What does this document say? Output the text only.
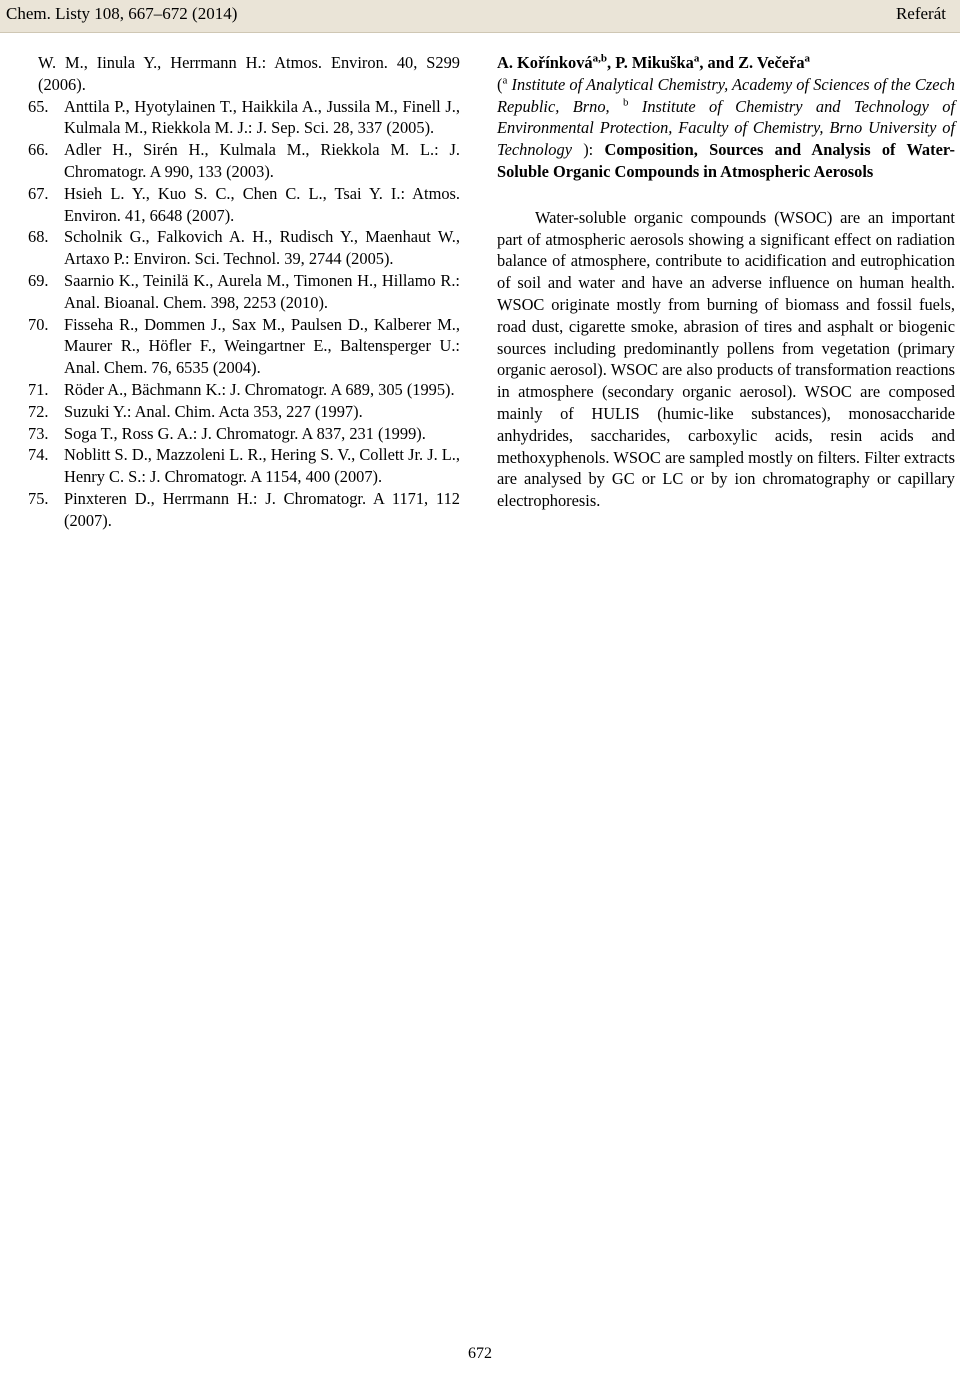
Chem. Listy 108, 667–672 (2014)	Referát
W. M., Iinula Y., Herrmann H.: Atmos. Environ. 40, S299 (2006).
65. Anttila P., Hyotylainen T., Haikkila A., Jussila M., Finell J., Kulmala M., Riekkola M. J.: J. Sep. Sci. 28, 337 (2005).
66. Adler H., Sirén H., Kulmala M., Riekkola M. L.: J. Chromatogr. A 990, 133 (2003).
67. Hsieh L. Y., Kuo S. C., Chen C. L., Tsai Y. I.: Atmos. Environ. 41, 6648 (2007).
68. Scholnik G., Falkovich A. H., Rudisch Y., Maenhaut W., Artaxo P.: Environ. Sci. Technol. 39, 2744 (2005).
69. Saarnio K., Teinilä K., Aurela M., Timonen H., Hillamo R.: Anal. Bioanal. Chem. 398, 2253 (2010).
70. Fisseha R., Dommen J., Sax M., Paulsen D., Kalberer M., Maurer R., Höfler F., Weingartner E., Baltensperger U.: Anal. Chem. 76, 6535 (2004).
71. Röder A., Bächmann K.: J. Chromatogr. A 689, 305 (1995).
72. Suzuki Y.: Anal. Chim. Acta 353, 227 (1997).
73. Soga T., Ross G. A.: J. Chromatogr. A 837, 231 (1999).
74. Noblitt S. D., Mazzoleni L. R., Hering S. V., Collett Jr. J. L., Henry C. S.: J. Chromatogr. A 1154, 400 (2007).
75. Pinxteren D., Herrmann H.: J. Chromatogr. A 1171, 112 (2007).
A. Kořínková$^{a,b}$, P. Mikuška$^a$, and Z. Večeřa$^a$
($^a$ Institute of Analytical Chemistry, Academy of Sciences of the Czech Republic, Brno, $^b$ Institute of Chemistry and Technology of Environmental Protection, Faculty of Chemistry, Brno University of Technology ): Composition, Sources and Analysis of Water-Soluble Organic Compounds in Atmospheric Aerosols
Water-soluble organic compounds (WSOC) are an important part of atmospheric aerosols showing a significant effect on radiation balance of atmosphere, contribute to acidification and eutrophication of soil and water and have an adverse influence on human health. WSOC originate mostly from burning of biomass and fossil fuels, road dust, cigarette smoke, abrasion of tires and asphalt or biogenic sources including predominantly pollens from vegetation (primary organic aerosol). WSOC are also products of transformation reactions in atmosphere (secondary organic aerosol). WSOC are composed mainly of HULIS (humic-like substances), monosaccharide anhydrides, saccharides, carboxylic acids, resin acids and methoxyphenols. WSOC are sampled mostly on filters. Filter extracts are analysed by GC or LC or by ion chromatography or capillary electrophoresis.
672
